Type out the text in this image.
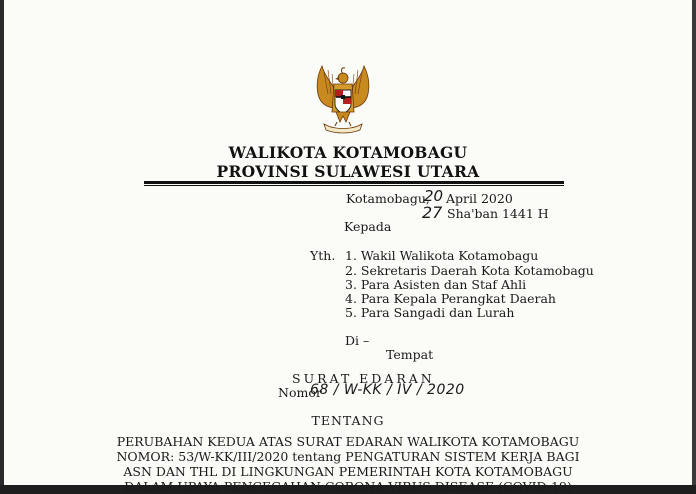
WALIKOTA KOTAMOBAGU
PROVINSI SULAWESI UTARA
Kotamobagu,
20 April 2020
27 Sha'ban 1441 H
Kepada
Yth. 1. Wakil Walikota Kotamobagu
2. Sekretaris Daerah Kota Kotamobagu
3. Para Asisten dan Staf Ahli
4. Para Kepala Perangkat Daerah
5. Para Sangadi dan Lurah
Di –
Tempat
SURAT EDARAN
Nomor
68 / W-KK / IV / 2020
TENTANG
PERUBAHAN KEDUA ATAS SURAT EDARAN WALIKOTA KOTAMOBAGU
NOMOR: 53/W-KK/III/2020 tentang PENGATURAN SISTEM KERJA BAGI
ASN DAN THL DI LINGKUNGAN PEMERINTAH KOTA KOTAMOBAGU
DALAM UPAYA PENCEGAHAN CORONA VIRUS DISEASE (COVID-19)
